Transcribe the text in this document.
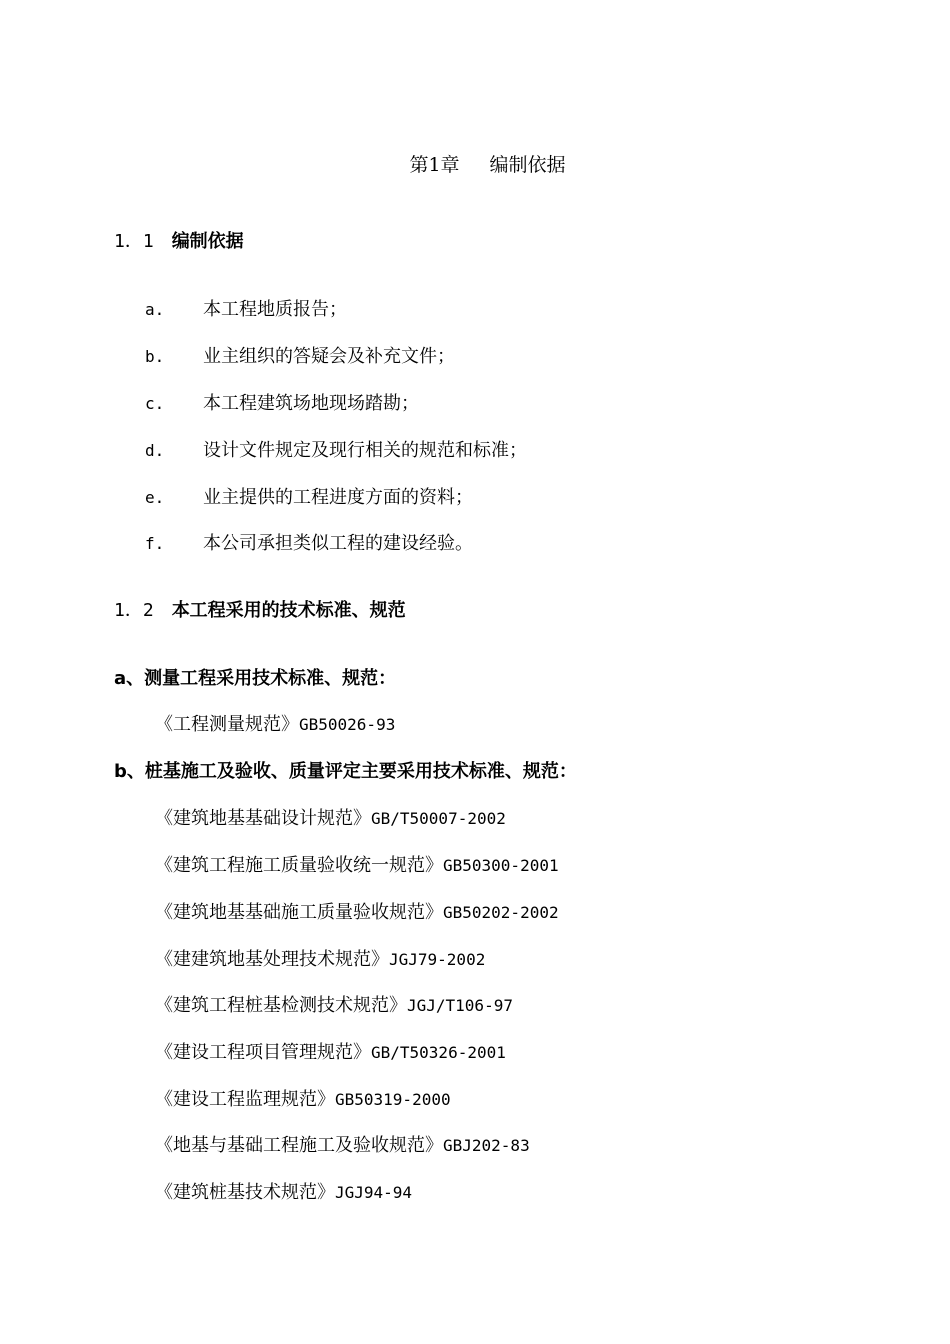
第1章 编制依据
1．1 编制依据
a. 本工程地质报告；
b. 业主组织的答疑会及补充文件；
c. 本工程建筑场地现场踏勘；
d. 设计文件规定及现行相关的规范和标准；
e. 业主提供的工程进度方面的资料；
f. 本公司承担类似工程的建设经验。
1．2 本工程采用的技术标准、规范
a、测量工程采用技术标准、规范：
《工程测量规范》GB50026-93
b、桩基施工及验收、质量评定主要采用技术标准、规范：
《建筑地基基础设计规范》GB/T50007-2002
《建筑工程施工质量验收统一规范》GB50300-2001
《建筑地基基础施工质量验收规范》GB50202-2002
《建建筑地基处理技术规范》JGJ79-2002
《建筑工程桩基检测技术规范》JGJ/T106-97
《建设工程项目管理规范》GB/T50326-2001
《建设工程监理规范》GB50319-2000
《地基与基础工程施工及验收规范》GBJ202-83
《建筑桩基技术规范》JGJ94-94
